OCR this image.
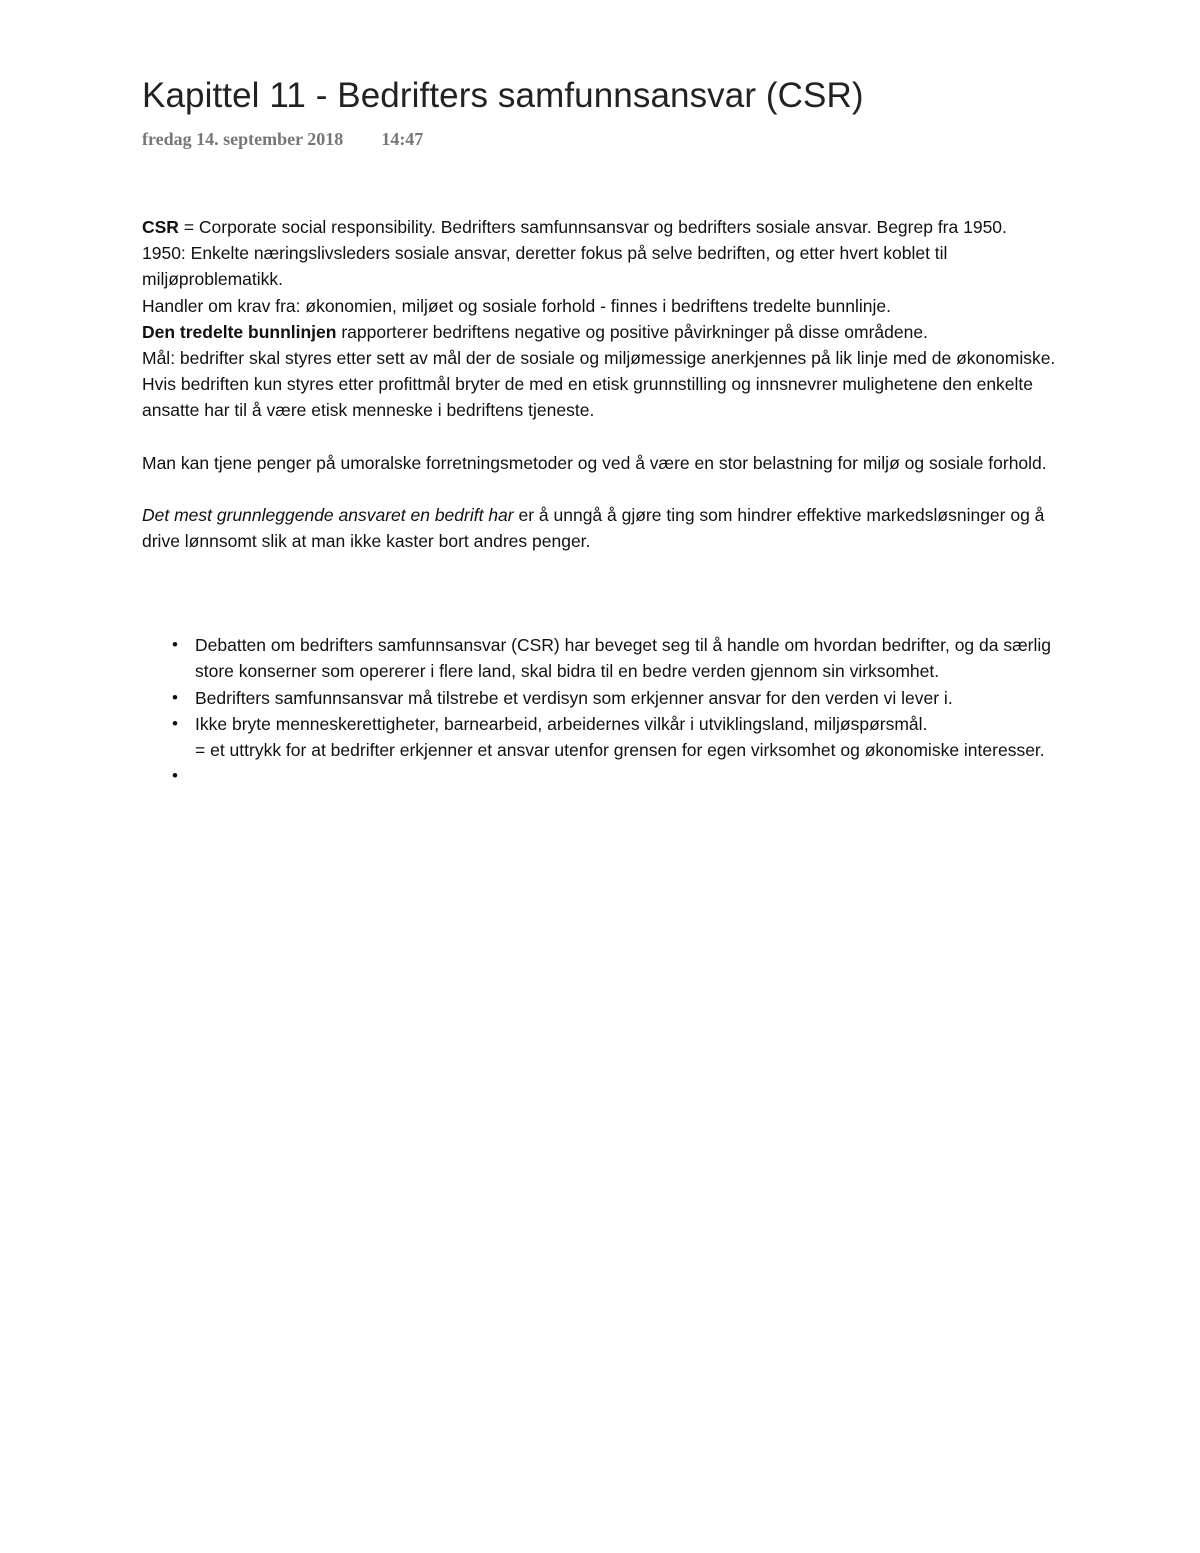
Kapittel 11 - Bedrifters samfunnsansvar (CSR)
fredag 14. september 2018 14:47

CSR = Corporate social responsibility. Bedrifters samfunnsansvar og bedrifters sosiale ansvar. Begrep fra 1950.

1950: Enkelte næringslivsleders sosiale ansvar, deretter fokus på selve bedriften, og etter hvert koblet til miljøproblematikk.

Handler om krav fra: økonomien, miljøet og sosiale forhold - finnes i bedriftens tredelte bunnlinje.

Den tredelte bunnlinjen rapporterer bedriftens negative og positive påvirkninger på disse områdene.

Mål: bedrifter skal styres etter sett av mål der de sosiale og miljømessige anerkjennes på lik linje med de økonomiske.

Hvis bedriften kun styres etter profittmål bryter de med en etisk grunnstilling og innsnevrer mulighetene den enkelte ansatte har til å være etisk menneske i bedriftens tjeneste.

Man kan tjene penger på umoralske forretningsmetoder og ved å være en stor belastning for miljø og sosiale forhold.

Det mest grunnleggende ansvaret en bedrift har er å unngå å gjøre ting som hindrer effektive markedsløsninger og å drive lønnsomt slik at man ikke kaster bort andres penger.

• Debatten om bedrifters samfunnsansvar (CSR) har beveget seg til å handle om hvordan bedrifter, og da særlig store konserner som opererer i flere land, skal bidra til en bedre verden gjennom sin virksomhet.
• Bedrifters samfunnsansvar må tilstrebe et verdisyn som erkjenner ansvar for den verden vi lever i.
• Ikke bryte menneskerettigheter, barnearbeid, arbeidernes vilkår i utviklingsland, miljøspørsmål.
= et uttrykk for at bedrifter erkjenner et ansvar utenfor grensen for egen virksomhet og økonomiske interesser.
•
